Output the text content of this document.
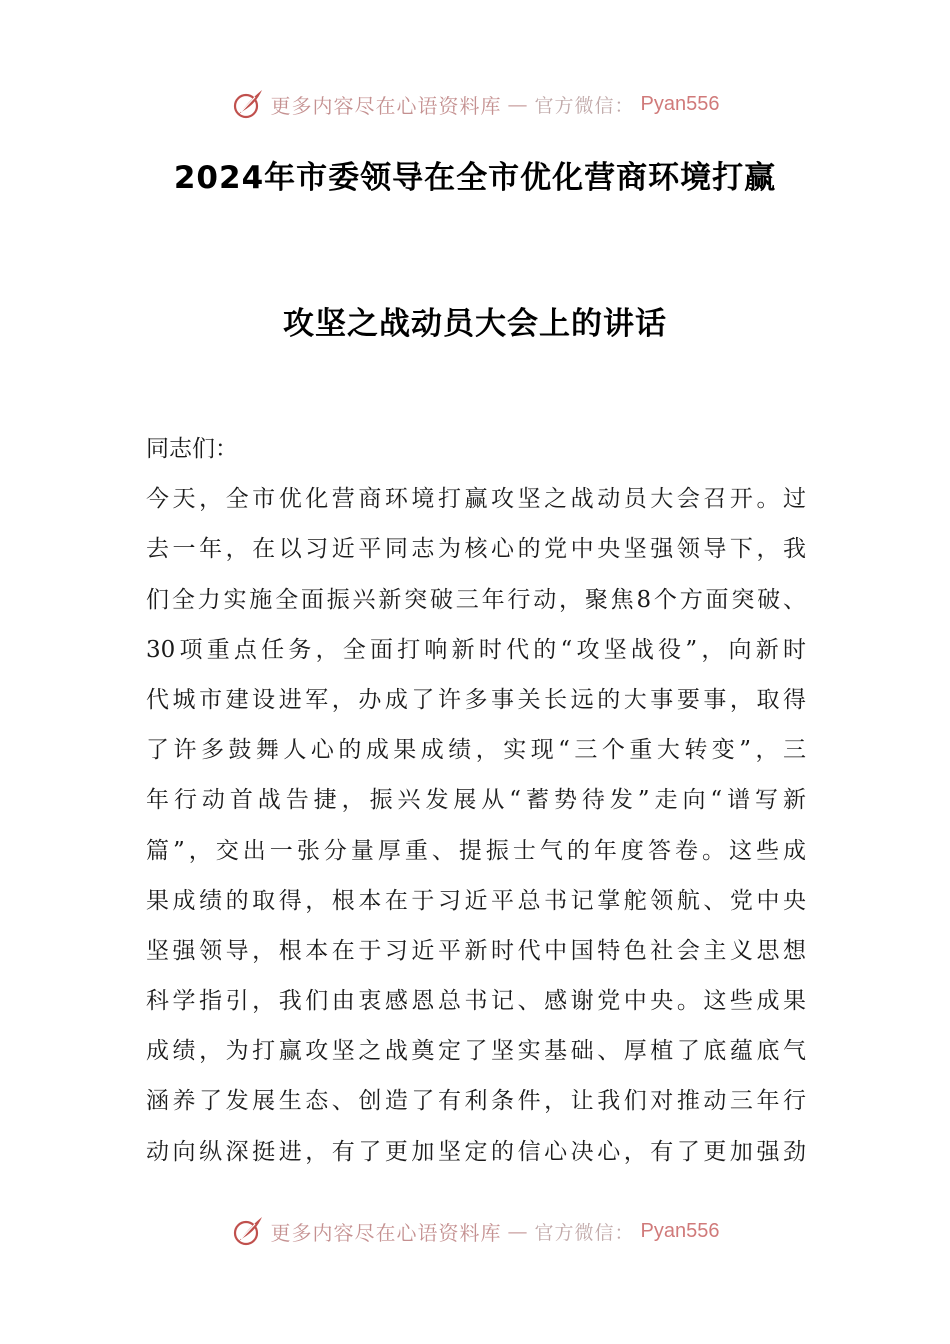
更多内容尽在心语资料库 — 官方微信： Pyan556
2024年市委领导在全市优化营商环境打赢
攻坚之战动员大会上的讲话
同志们：
今天，全市优化营商环境打赢攻坚之战动员大会召开。过
去一年，在以习近平同志为核心的党中央坚强领导下，我
们全力实施全面振兴新突破三年行动，聚焦8个方面突破、
30项重点任务，全面打响新时代的“攻坚战役”，向新时
代城市建设进军，办成了许多事关长远的大事要事，取得
了许多鼓舞人心的成果成绩，实现“三个重大转变”，三
年行动首战告捷，振兴发展从“蓄势待发”走向“谱写新
篇”，交出一张分量厚重、提振士气的年度答卷。这些成
果成绩的取得，根本在于习近平总书记掌舵领航、党中央
坚强领导，根本在于习近平新时代中国特色社会主义思想
科学指引，我们由衷感恩总书记、感谢党中央。这些成果
成绩，为打赢攻坚之战奠定了坚实基础、厚植了底蕴底气
涵养了发展生态、创造了有利条件，让我们对推动三年行
动向纵深挺进，有了更加坚定的信心决心，有了更加强劲
更多内容尽在心语资料库 — 官方微信： Pyan556
